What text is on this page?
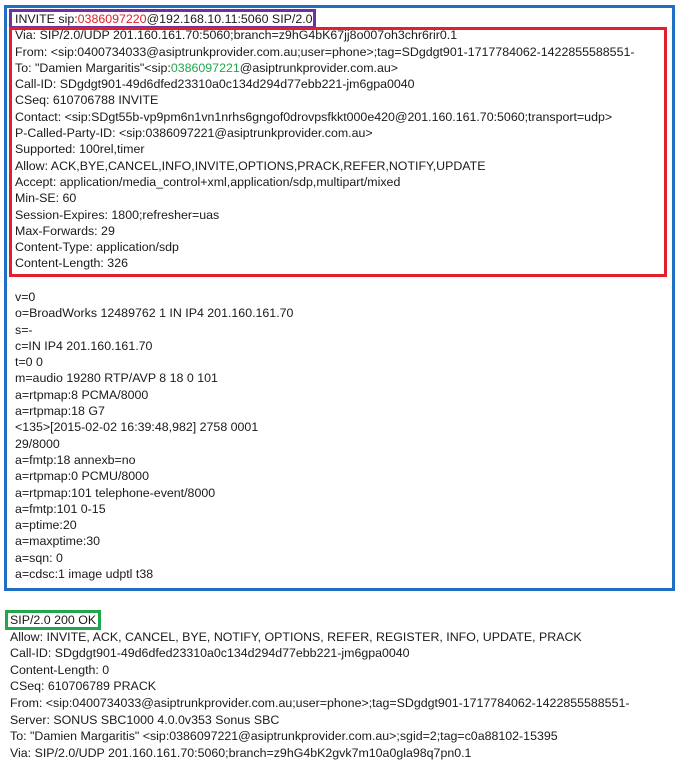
INVITE sip:0386097220@192.168.10.11:5060 SIP/2.0
Via: SIP/2.0/UDP 201.160.161.70:5060;branch=z9hG4bK67jj8o007oh3chr6rir0.1
From: <sip:0400734033@asiptrunkprovider.com.au;user=phone>;tag=SDgdgt901-1717784062-1422855588551-
To: "Damien Margaritis"<sip:0386097221@asiptrunkprovider.com.au>
Call-ID: SDgdgt901-49d6dfed23310a0c134d294d77ebb221-jm6gpa0040
CSeq: 610706788 INVITE
Contact: <sip:SDgt55b-vp9pm6n1vn1nrhs6gngof0drovpsfkkt000e420@201.160.161.70:5060;transport=udp>
P-Called-Party-ID: <sip:0386097221@asiptrunkprovider.com.au>
Supported: 100rel,timer
Allow: ACK,BYE,CANCEL,INFO,INVITE,OPTIONS,PRACK,REFER,NOTIFY,UPDATE
Accept: application/media_control+xml,application/sdp,multipart/mixed
Min-SE: 60
Session-Expires: 1800;refresher=uas
Max-Forwards: 29
Content-Type: application/sdp
Content-Length: 326
v=0
o=BroadWorks 12489762 1 IN IP4 201.160.161.70
s=-
c=IN IP4 201.160.161.70
t=0 0
m=audio 19280 RTP/AVP 8 18 0 101
a=rtpmap:8 PCMA/8000
a=rtpmap:18 G7
<135>[2015-02-02 16:39:48,982] 2758 0001
29/8000
a=fmtp:18 annexb=no
a=rtpmap:0 PCMU/8000
a=rtpmap:101 telephone-event/8000
a=fmtp:101 0-15
a=ptime:20
a=maxptime:30
a=sqn: 0
a=cdsc:1 image udptl t38
SIP/2.0 200 OK
Allow: INVITE, ACK, CANCEL, BYE, NOTIFY, OPTIONS, REFER, REGISTER, INFO, UPDATE, PRACK
Call-ID: SDgdgt901-49d6dfed23310a0c134d294d77ebb221-jm6gpa0040
Content-Length: 0
CSeq: 610706789 PRACK
From: <sip:0400734033@asiptrunkprovider.com.au;user=phone>;tag=SDgdgt901-1717784062-1422855588551-
Server: SONUS SBC1000 4.0.0v353 Sonus SBC
To: "Damien Margaritis" <sip:0386097221@asiptrunkprovider.com.au>;sgid=2;tag=c0a88102-15395
Via: SIP/2.0/UDP 201.160.161.70:5060;branch=z9hG4bK2gvk7m10a0gla98q7pn0.1
